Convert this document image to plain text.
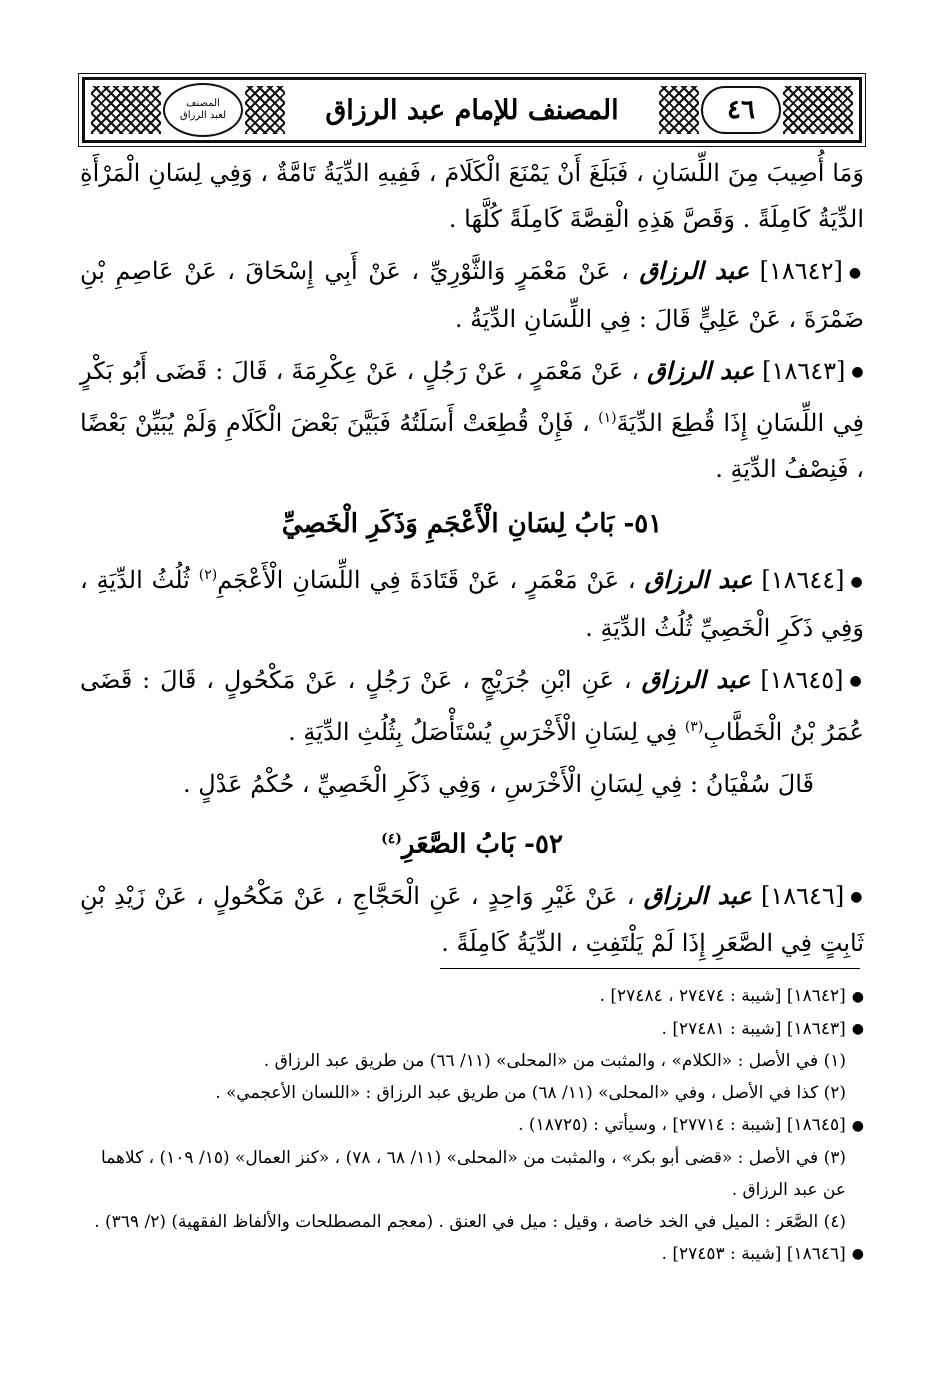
المصنف
لعبد الرزاق	المصنف للإمام عبد الرزاق	٤٦

وَمَا أُصِيبَ مِنَ اللِّسَانِ ، فَبَلَغَ أَنْ يَمْنَعَ الْكَلَامَ ، فَفِيهِ الدِّيَةُ تَامَّةٌ ، وَفِي لِسَانِ الْمَرْأَةِ الدِّيَةُ كَامِلَةً . وَقَصَّ هَذِهِ الْقِصَّةَ كَامِلَةً كُلَّهَا .

●[١٨٦٤٢] عبد الرزاق ، عَنْ مَعْمَرٍ وَالثَّوْرِيِّ ، عَنْ أَبِي إِسْحَاقَ ، عَنْ عَاصِمِ بْنِ ضَمْرَةَ ، عَنْ عَلِيٍّ قَالَ : فِي اللِّسَانِ الدِّيَةُ .

●[١٨٦٤٣] عبد الرزاق ، عَنْ مَعْمَرٍ ، عَنْ رَجُلٍ ، عَنْ عِكْرِمَةَ ، قَالَ : قَضَى أَبُو بَكْرٍ فِي اللِّسَانِ إِذَا قُطِعَ الدِّيَةَ$^{(١)}$ ، فَإِنْ قُطِعَتْ أَسَلَتُهُ فَبَيَّنَ بَعْضَ الْكَلَامِ وَلَمْ يُبَيِّنْ بَعْضًا ، فَنِصْفُ الدِّيَةِ .

٥١- بَابُ لِسَانِ الْأَعْجَمِ وَذَكَرِ الْخَصِيِّ

●[١٨٦٤٤] عبد الرزاق ، عَنْ مَعْمَرٍ ، عَنْ قَتَادَةَ فِي اللِّسَانِ الْأَعْجَمِ$^{(٢)}$ ثُلُثُ الدِّيَةِ ، وَفِي ذَكَرِ الْخَصِيِّ ثُلُثُ الدِّيَةِ .

●[١٨٦٤٥] عبد الرزاق ، عَنِ ابْنِ جُرَيْجٍ ، عَنْ رَجُلٍ ، عَنْ مَكْحُولٍ ، قَالَ : قَضَى عُمَرُ بْنُ الْخَطَّابِ$^{(٣)}$ فِي لِسَانِ الْأَخْرَسِ يُسْتَأْصَلُ بِثُلُثِ الدِّيَةِ .

قَالَ سُفْيَانُ : فِي لِسَانِ الْأَخْرَسِ ، وَفِي ذَكَرِ الْخَصِيِّ ، حُكْمُ عَدْلٍ .

٥٢- بَابُ الصَّعَرِ$^{(٤)}$

●[١٨٦٤٦] عبد الرزاق ، عَنْ غَيْرِ وَاحِدٍ ، عَنِ الْحَجَّاجِ ، عَنْ مَكْحُولٍ ، عَنْ زَيْدِ بْنِ ثَابِتٍ فِي الصَّعَرِ إِذَا لَمْ يَلْتَفِتِ ، الدِّيَةُ كَامِلَةً .

●[١٨٦٤٢] [شيبة : ٢٧٤٧٤ ، ٢٧٤٨٤] .

●[١٨٦٤٣] [شيبة : ٢٧٤٨١] .

(١) في الأصل : «الكلام» ، والمثبت من «المحلى» (١١/ ٦٦) من طريق عبد الرزاق .

(٢) كذا في الأصل ، وفي «المحلى» (١١/ ٦٨) من طريق عبد الرزاق : «اللسان الأعجمي» .

●[١٨٦٤٥] [شيبة : ٢٧٧١٤] ، وسيأتي : (١٨٧٢٥) .

(٣) في الأصل : «قضى أبو بكر» ، والمثبت من «المحلى» (١١/ ٦٨ ، ٧٨) ، «كنز العمال» (١٥/ ١٠٩) ، كلاهما عن عبد الرزاق .

(٤) الصَّعَر : الميل في الخد خاصة ، وقيل : ميل في العنق . (معجم المصطلحات والألفاظ الفقهية) (٢/ ٣٦٩) .

●[١٨٦٤٦] [شيبة : ٢٧٤٥٣] .
